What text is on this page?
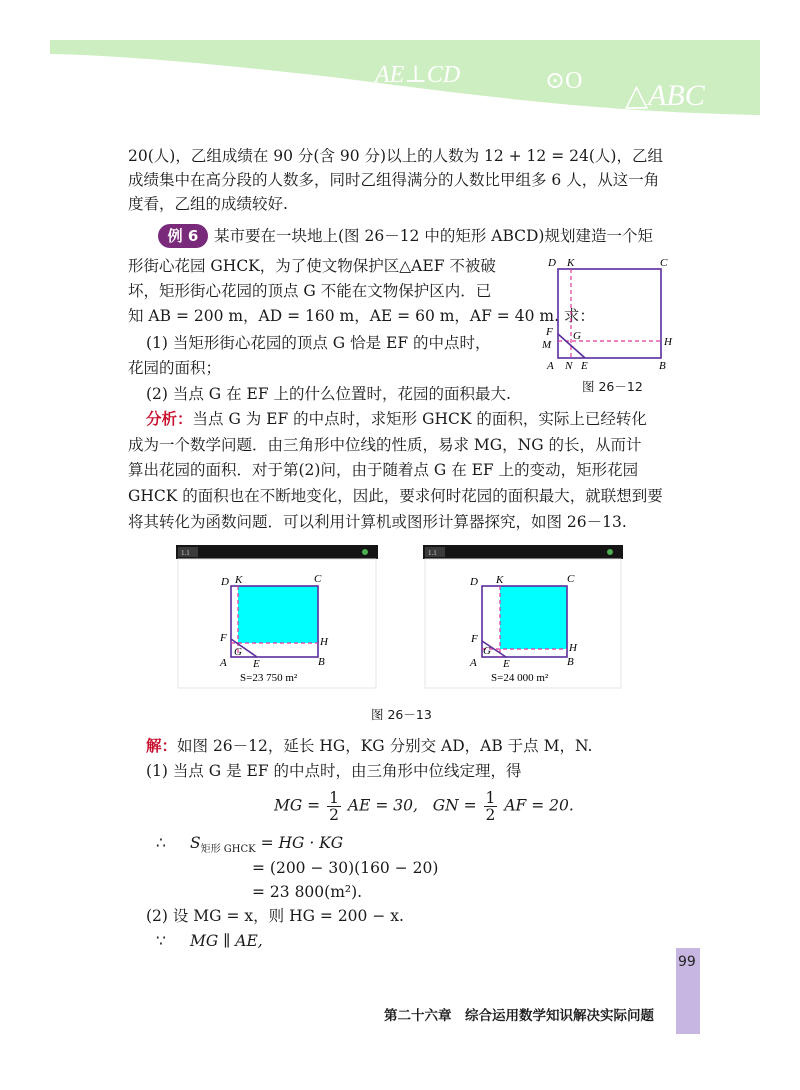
AE⊥CD	⊙O △ABC
20(人)，乙组成绩在 90 分(含 90 分)以上的人数为 12 + 12 = 24(人)，乙组
成绩集中在高分段的人数多，同时乙组得满分的人数比甲组多 6 人，从这一角
度看，乙组的成绩较好.
例 6	某市要在一块地上(图 26－12 中的矩形 ABCD)规划建造一个矩
形街心花园 GHCK，为了使文物保护区△AEF 不被破
坏，矩形街心花园的顶点 G 不能在文物保护区内．已
知 AB = 200 m，AD = 160 m，AE = 60 m，AF = 40 m. 求：
(1) 当矩形街心花园的顶点 G 恰是 EF 的中点时，
花园的面积；
(2) 当点 G 在 EF 上的什么位置时，花园的面积最大.
D K	C
F G	H
M
A N E	B
图 26－12
分析：当点 G 为 EF 的中点时，求矩形 GHCK 的面积，实际上已经转化
成为一个数学问题．由三角形中位线的性质，易求 MG，NG 的长，从而计
算出花园的面积．对于第(2)问，由于随着点 G 在 EF 上的变动，矩形花园
GHCK 的面积也在不断地变化，因此，要求何时花园的面积最大，就联想到要
将其转化为函数问题．可以利用计算机或图形计算器探究，如图 26－13.
1.1
D K	C
F
G
H
A E	B
S=23 750 m²
1.1
D K	C
F
G	H
A E	B
S=24 000 m²
图 26－13
解：如图 26－12，延长 HG，KG 分别交 AD，AB 于点 M，N.
(1) 当点 G 是 EF 的中点时，由三角形中位线定理，得
MG = $\frac{1}{2}$ AE = 30, GN = $\frac{1}{2}$ AF = 20.
∴ $S_{矩形 GHCK}$ = HG · KG
= (200 − 30)(160 − 20)
= 23 800(m²).
(2) 设 MG = x，则 HG = 200 − x.
∵ MG ∥ AE,
第二十六章　综合运用数学知识解决实际问题
99
